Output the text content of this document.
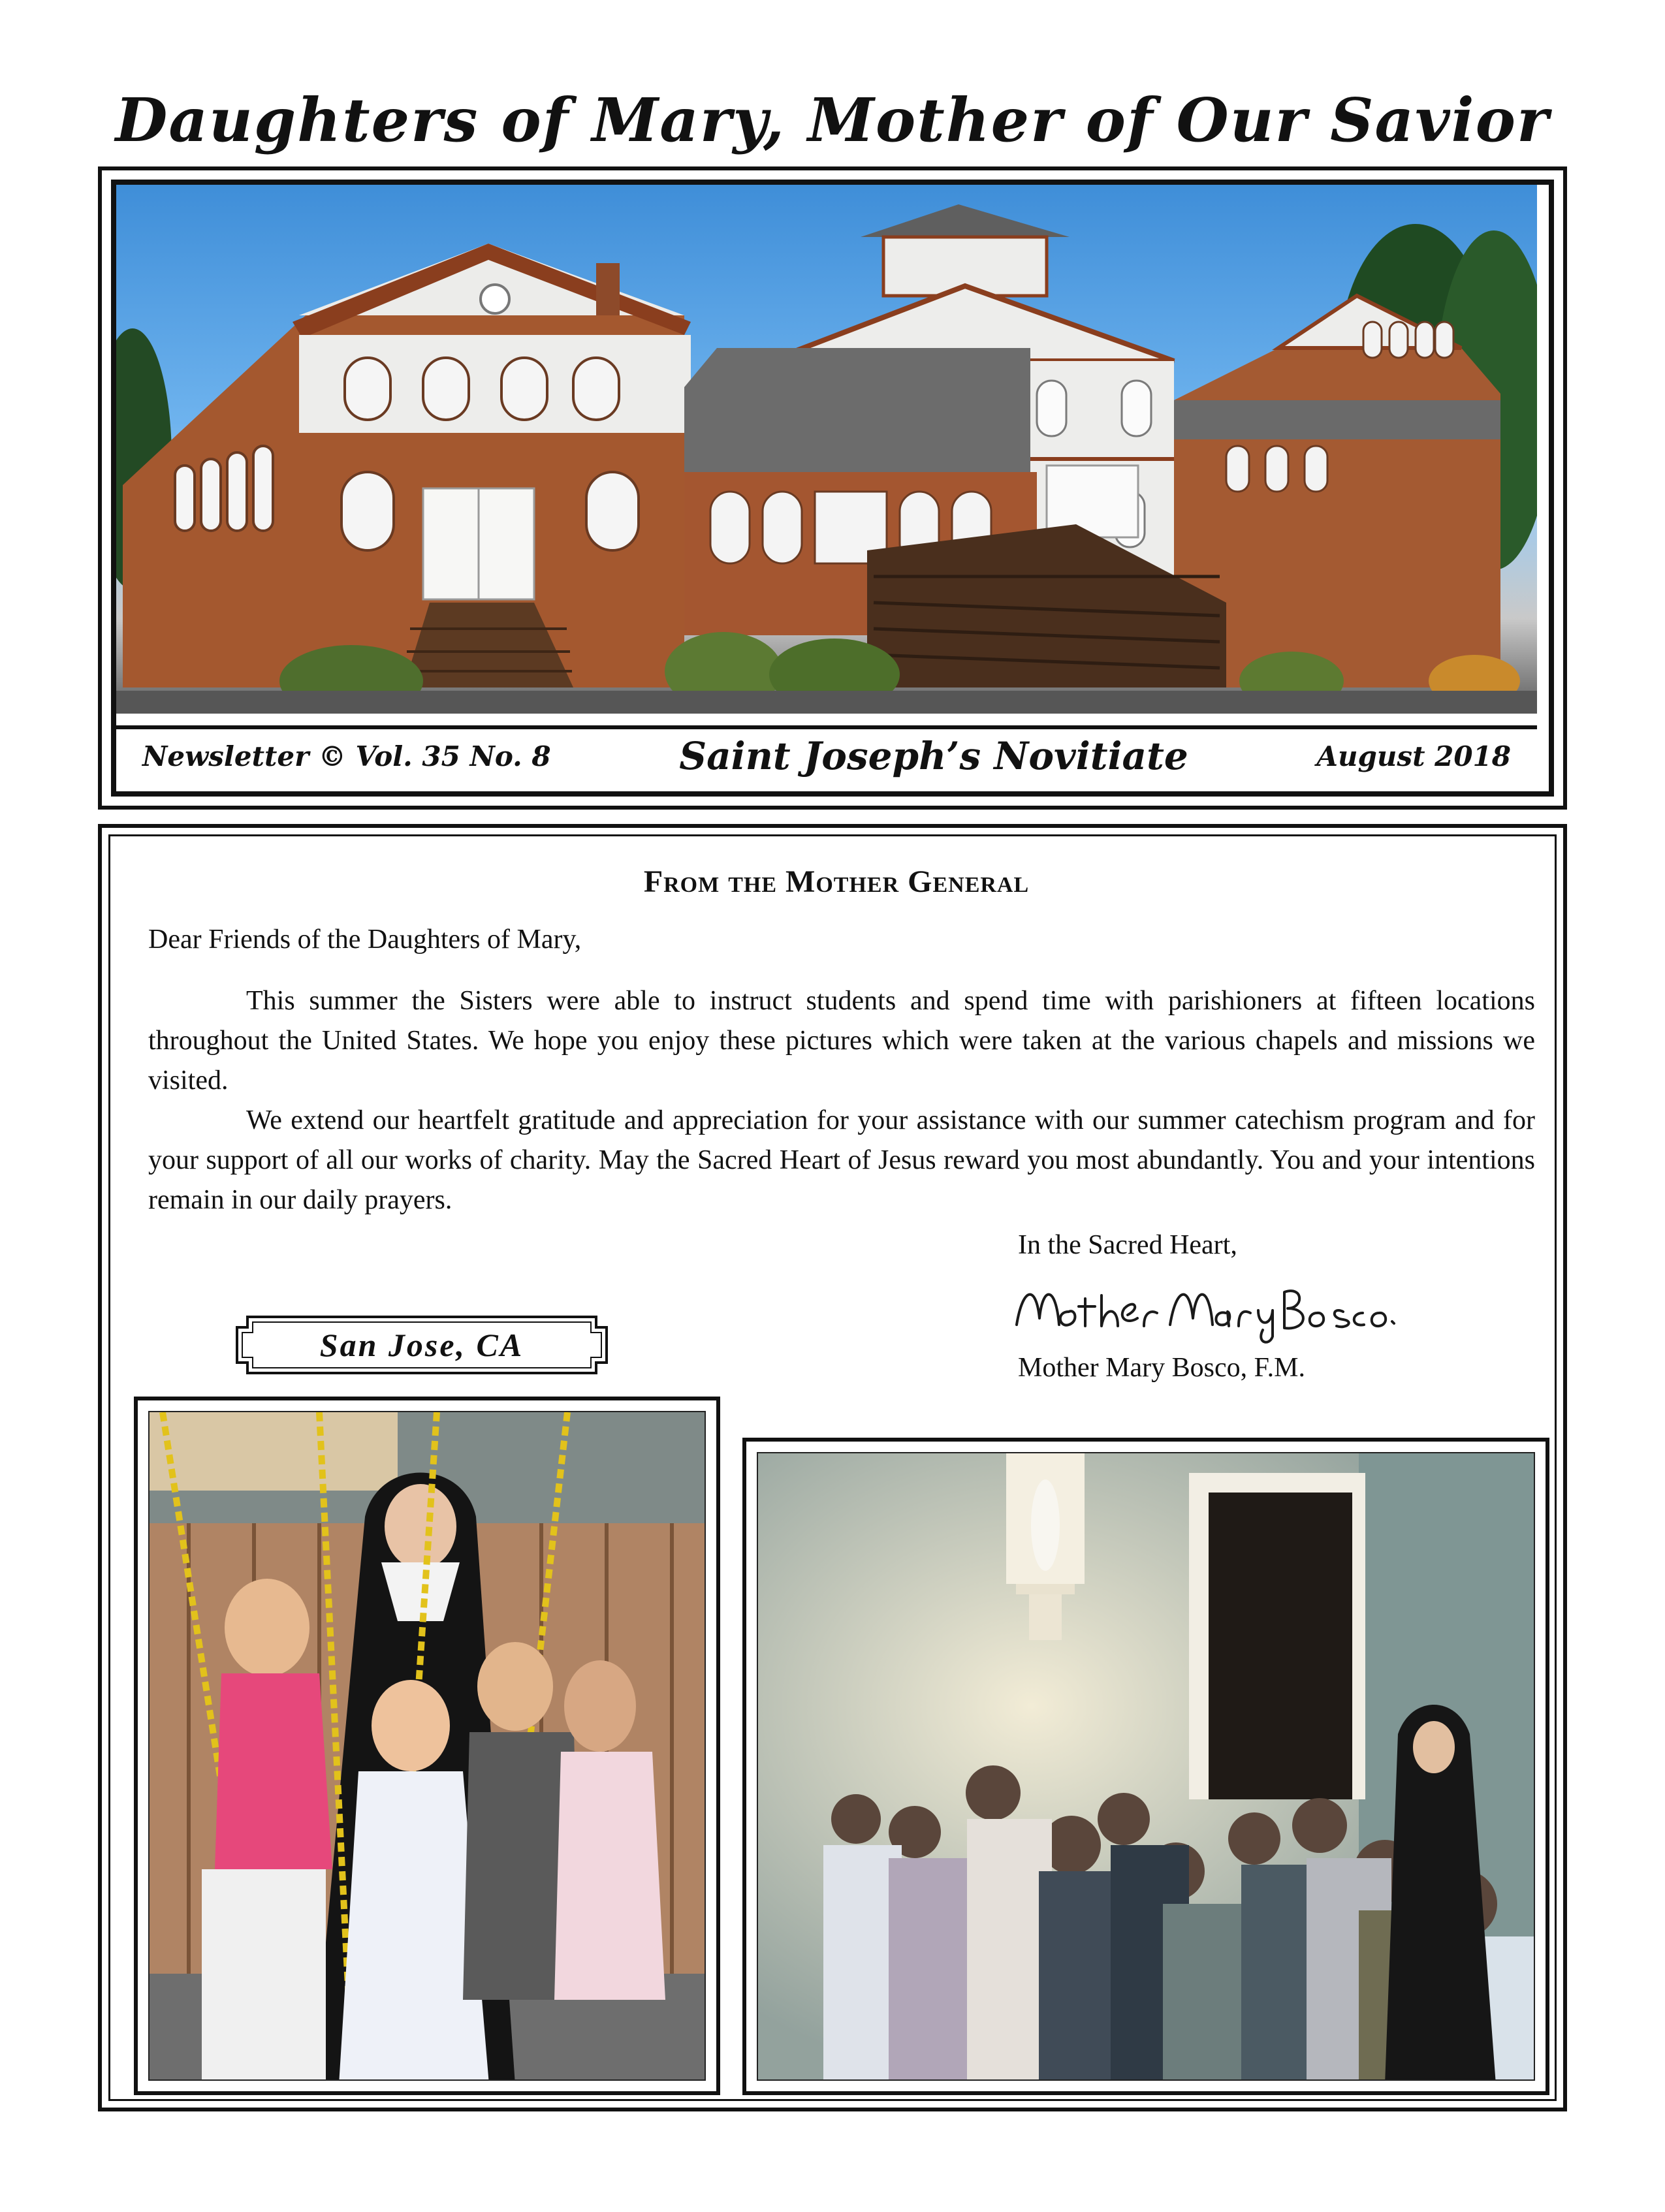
Daughters of Mary, Mother of Our Savior
Newsletter © Vol. 35 No. 8	Saint Joseph’s Novitiate	August 2018
From the Mother General
Dear Friends of the Daughters of Mary,
This summer the Sisters were able to instruct students and spend time with parishioners at fifteen locations throughout the United States. We hope you enjoy these pictures which were taken at the various chapels and missions we visited.
We extend our heartfelt gratitude and appreciation for your assistance with our summer catechism program and for your support of all our works of charity. May the Sacred Heart of Jesus reward you most abundantly. You and your intentions remain in our daily prayers.
In the Sacred Heart,
Mother Mary Bosco, F.M.
San Jose, CA
